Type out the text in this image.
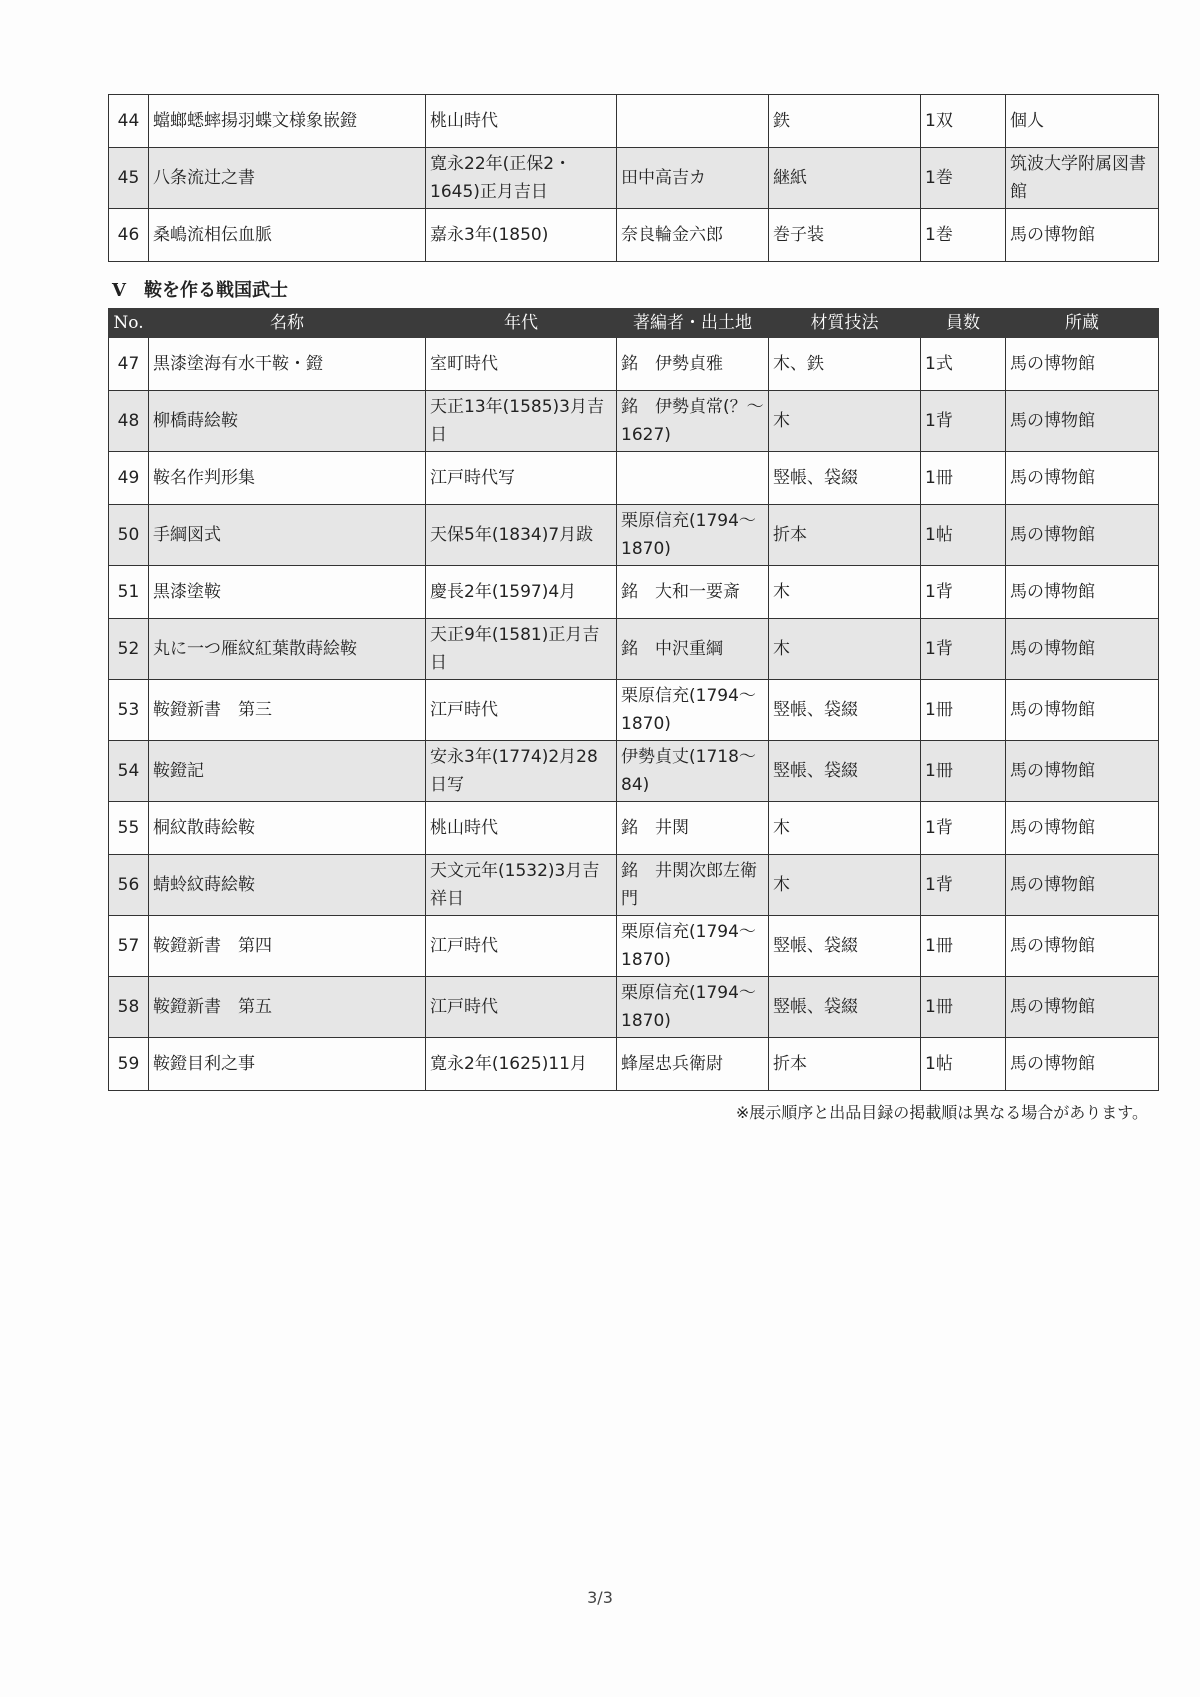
44	蟷螂蟋蟀揚羽蝶文様象嵌鐙	桃山時代		鉄	1双	個人
45	八条流辻之書	寛永22年(正保2・1645)正月吉日	田中高吉カ	継紙	1巻	筑波大学附属図書館
46	桑嶋流相伝血脈	嘉永3年(1850)	奈良輪金六郎	巻子装	1巻	馬の博物館
V　鞍を作る戦国武士
No.	名称	年代	著編者・出土地	材質技法	員数	所蔵
47	黒漆塗海有水干鞍・鐙	室町時代	銘　伊勢貞雅	木、鉄	1式	馬の博物館
48	柳橋蒔絵鞍	天正13年(1585)3月吉日	銘　伊勢貞常(？～1627)	木	1背	馬の博物館
49	鞍名作判形集	江戸時代写		竪帳、袋綴	1冊	馬の博物館
50	手綱図式	天保5年(1834)7月跋	栗原信充(1794～1870)	折本	1帖	馬の博物館
51	黒漆塗鞍	慶長2年(1597)4月	銘　大和一要斎	木	1背	馬の博物館
52	丸に一つ雁紋紅葉散蒔絵鞍	天正9年(1581)正月吉日	銘　中沢重綱	木	1背	馬の博物館
53	鞍鐙新書　第三	江戸時代	栗原信充(1794～1870)	竪帳、袋綴	1冊	馬の博物館
54	鞍鐙記	安永3年(1774)2月28日写	伊勢貞丈(1718～84)	竪帳、袋綴	1冊	馬の博物館
55	桐紋散蒔絵鞍	桃山時代	銘　井関	木	1背	馬の博物館
56	蜻蛉紋蒔絵鞍	天文元年(1532)3月吉祥日	銘　井関次郎左衛門	木	1背	馬の博物館
57	鞍鐙新書　第四	江戸時代	栗原信充(1794～1870)	竪帳、袋綴	1冊	馬の博物館
58	鞍鐙新書　第五	江戸時代	栗原信充(1794～1870)	竪帳、袋綴	1冊	馬の博物館
59	鞍鐙目利之事	寛永2年(1625)11月	蜂屋忠兵衛尉	折本	1帖	馬の博物館
※展示順序と出品目録の掲載順は異なる場合があります。
3/3
